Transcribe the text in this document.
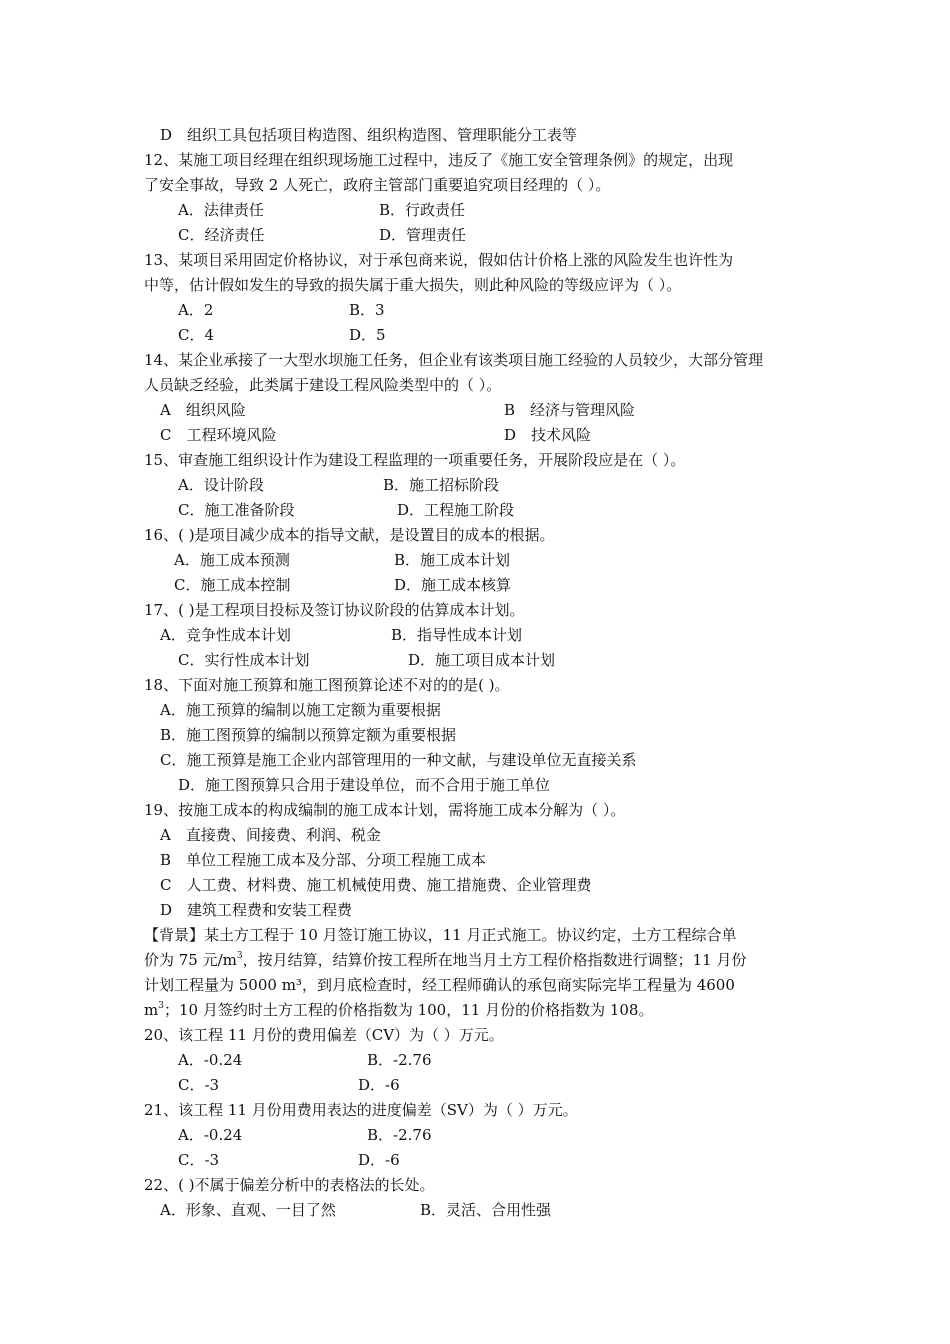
D　组织工具包括项目构造图、组织构造图、管理职能分工表等
12、某施工项目经理在组织现场施工过程中，违反了《施工安全管理条例》的规定，出现
了安全事故，导致 2 人死亡，政府主管部门重要追究项目经理的（ ）。
A．法律责任	B．行政责任
C．经济责任	D．管理责任
13、某项目采用固定价格协议，对于承包商来说，假如估计价格上涨的风险发生也许性为
中等，估计假如发生的导致的损失属于重大损失，则此种风险的等级应评为（ ）。
A．2	B．3
C．4	D．5
14、某企业承接了一大型水坝施工任务，但企业有该类项目施工经验的人员较少，大部分管理
人员缺乏经验，此类属于建设工程风险类型中的（ ）。
A　组织风险	B　经济与管理风险
C　工程环境风险	D　技术风险
15、审查施工组织设计作为建设工程监理的一项重要任务，开展阶段应是在（ ）。
A．设计阶段	B．施工招标阶段
C．施工准备阶段	D．工程施工阶段
16、( )是项目减少成本的指导文献，是设置目的成本的根据。
A．施工成本预测	B．施工成本计划
C．施工成本控制	D．施工成本核算
17、( )是工程项目投标及签订协议阶段的估算成本计划。
A．竞争性成本计划	B．指导性成本计划
C．实行性成本计划	D．施工项目成本计划
18、下面对施工预算和施工图预算论述不对的的是( )。
A．施工预算的编制以施工定额为重要根据
B．施工图预算的编制以预算定额为重要根据
C．施工预算是施工企业内部管理用的一种文献，与建设单位无直接关系
D．施工图预算只合用于建设单位，而不合用于施工单位
19、按施工成本的构成编制的施工成本计划，需将施工成本分解为（ ）。
A　直接费、间接费、利润、税金
B　单位工程施工成本及分部、分项工程施工成本
C　人工费、材料费、施工机械使用费、施工措施费、企业管理费
D　建筑工程费和安装工程费
【背景】某土方工程于 10 月签订施工协议，11 月正式施工。协议约定，土方工程综合单
价为 75 元$/m^3$，按月结算，结算价按工程所在地当月土方工程价格指数进行调整；11 月份
计划工程量为 5000 m³，到月底检查时，经工程师确认的承包商实际完毕工程量为 4600
$m^3$；10 月签约时土方工程的价格指数为 100，11 月份的价格指数为 108。
20、该工程 11 月份的费用偏差（CV）为（ ）万元。
A．-0.24	B．-2.76
C．-3	D．-6
21、该工程 11 月份用费用表达的进度偏差（SV）为（ ）万元。
A．-0.24	B．-2.76
C．-3	D．-6
22、( )不属于偏差分析中的表格法的长处。
A．形象、直观、一目了然	B．灵活、合用性强
